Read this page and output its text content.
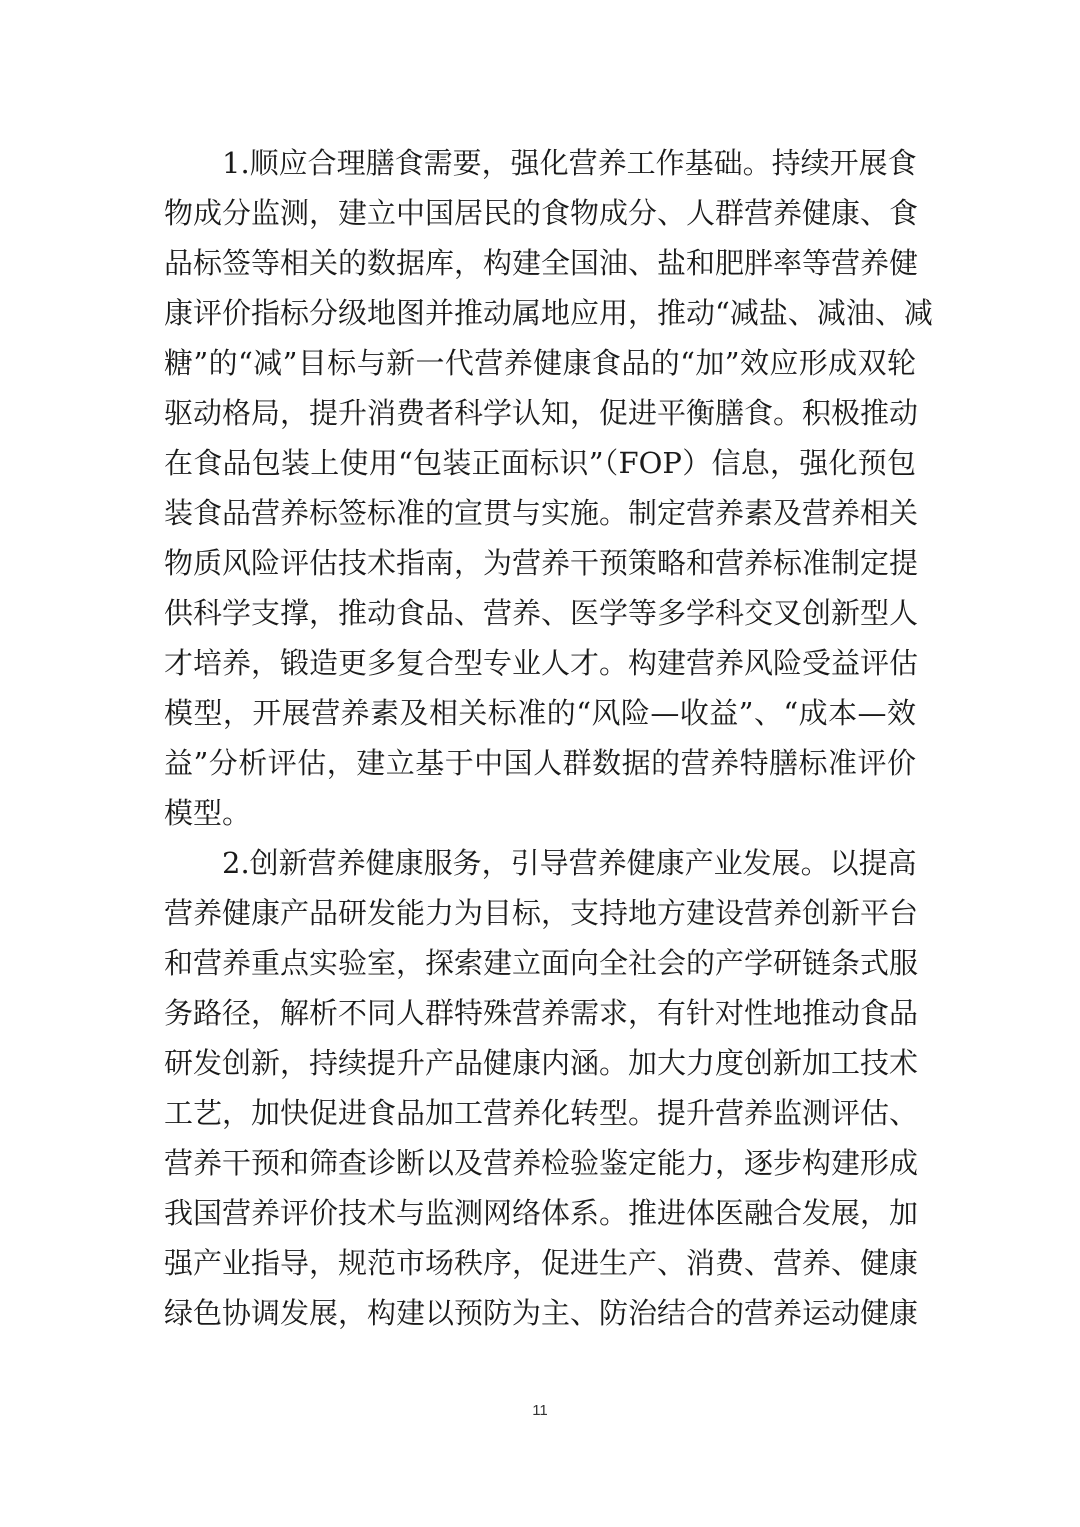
1.顺应合理膳食需要，强化营养工作基础。持续开展食
物成分监测，建立中国居民的食物成分、人群营养健康、食
品标签等相关的数据库，构建全国油、盐和肥胖率等营养健
康评价指标分级地图并推动属地应用，推动“减盐、减油、减
糖”的“减”目标与新一代营养健康食品的“加”效应形成双轮
驱动格局，提升消费者科学认知，促进平衡膳食。积极推动
在食品包装上使用“包装正面标识”（FOP）信息，强化预包
装食品营养标签标准的宣贯与实施。制定营养素及营养相关
物质风险评估技术指南，为营养干预策略和营养标准制定提
供科学支撑，推动食品、营养、医学等多学科交叉创新型人
才培养，锻造更多复合型专业人才。构建营养风险受益评估
模型，开展营养素及相关标准的“风险—收益”、“成本—效
益”分析评估，建立基于中国人群数据的营养特膳标准评价
模型。
2.创新营养健康服务，引导营养健康产业发展。以提高
营养健康产品研发能力为目标，支持地方建设营养创新平台
和营养重点实验室，探索建立面向全社会的产学研链条式服
务路径，解析不同人群特殊营养需求，有针对性地推动食品
研发创新，持续提升产品健康内涵。加大力度创新加工技术
工艺，加快促进食品加工营养化转型。提升营养监测评估、
营养干预和筛查诊断以及营养检验鉴定能力，逐步构建形成
我国营养评价技术与监测网络体系。推进体医融合发展，加
强产业指导，规范市场秩序，促进生产、消费、营养、健康
绿色协调发展，构建以预防为主、防治结合的营养运动健康
11
